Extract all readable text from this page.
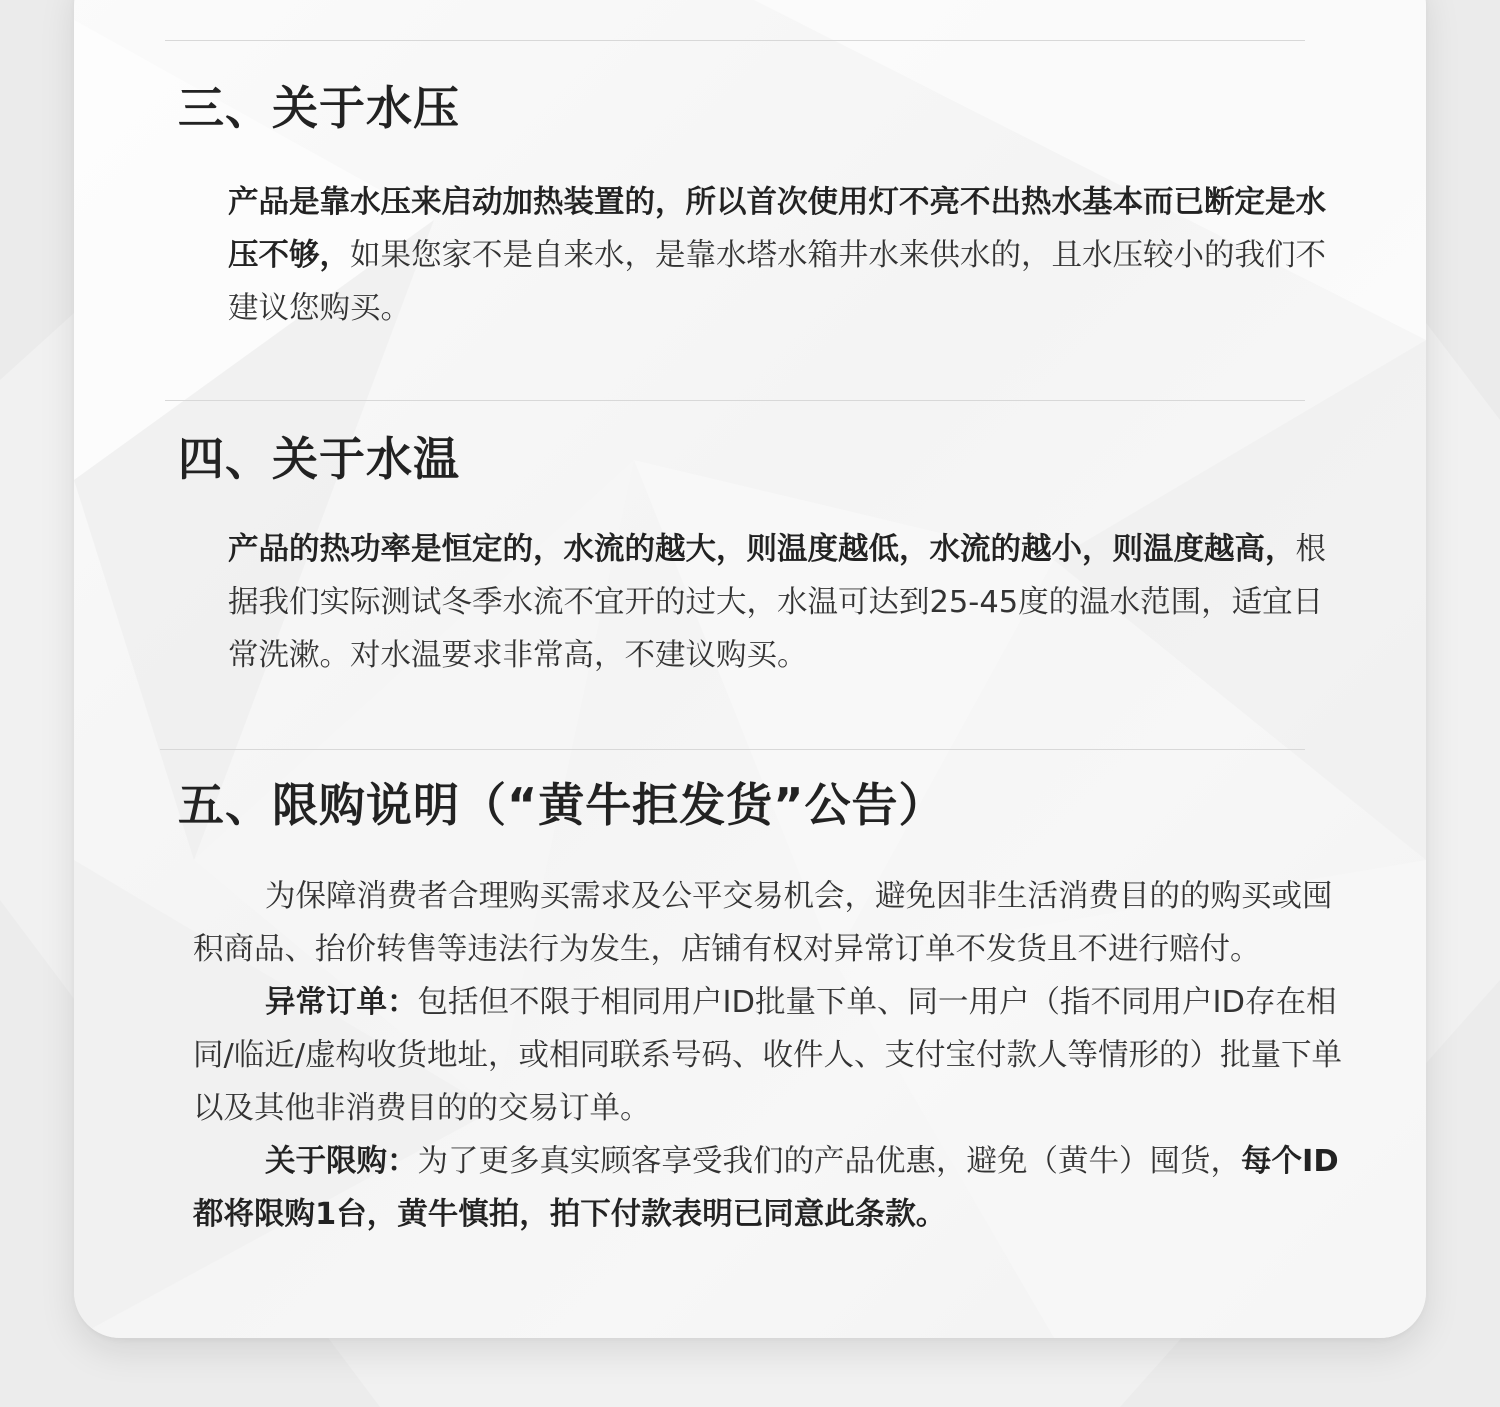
三、关于水压

产品是靠水压来启动加热装置的，所以首次使用灯不亮不出热水基本而已断定是水压不够，如果您家不是自来水，是靠水塔水箱井水来供水的，且水压较小的我们不建议您购买。

四、关于水温

产品的热功率是恒定的，水流的越大，则温度越低，水流的越小，则温度越高，根据我们实际测试冬季水流不宜开的过大，水温可达到25-45度的温水范围，适宜日常洗漱。对水温要求非常高，不建议购买。

五、限购说明（“黄牛拒发货”公告）
为保障消费者合理购买需求及公平交易机会，避免因非生活消费目的的购买或囤积商品、抬价转售等违法行为发生，店铺有权对异常订单不发货且不进行赔付。
异常订单：包括但不限于相同用户ID批量下单、同一用户（指不同用户ID存在相同/临近/虚构收货地址，或相同联系号码、收件人、支付宝付款人等情形的）批量下单以及其他非消费目的的交易订单。
关于限购：为了更多真实顾客享受我们的产品优惠，避免（黄牛）囤货，每个ID都将限购1台，黄牛慎拍，拍下付款表明已同意此条款。
